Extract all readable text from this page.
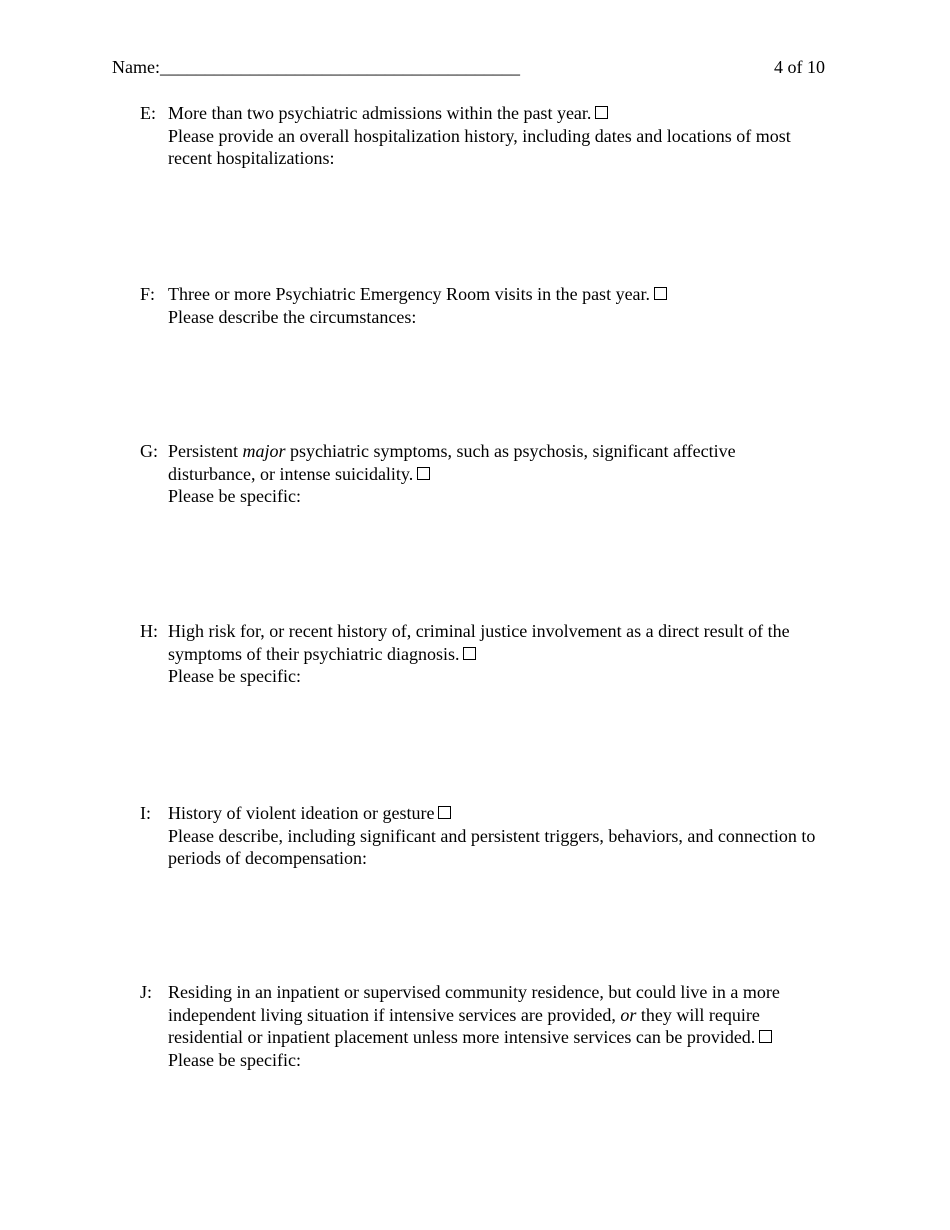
Name:________________________________________	4 of 10
E: More than two psychiatric admissions within the past year.
Please provide an overall hospitalization history, including dates and locations of most
recent hospitalizations:
F: Three or more Psychiatric Emergency Room visits in the past year.
Please describe the circumstances:
G: Persistent major psychiatric symptoms, such as psychosis, significant affective
disturbance, or intense suicidality.
Please be specific:
H: High risk for, or recent history of, criminal justice involvement as a direct result of the
symptoms of their psychiatric diagnosis.
Please be specific:
I: History of violent ideation or gesture
Please describe, including significant and persistent triggers, behaviors, and connection to
periods of decompensation:
J: Residing in an inpatient or supervised community residence, but could live in a more
independent living situation if intensive services are provided, or they will require
residential or inpatient placement unless more intensive services can be provided.
Please be specific:
